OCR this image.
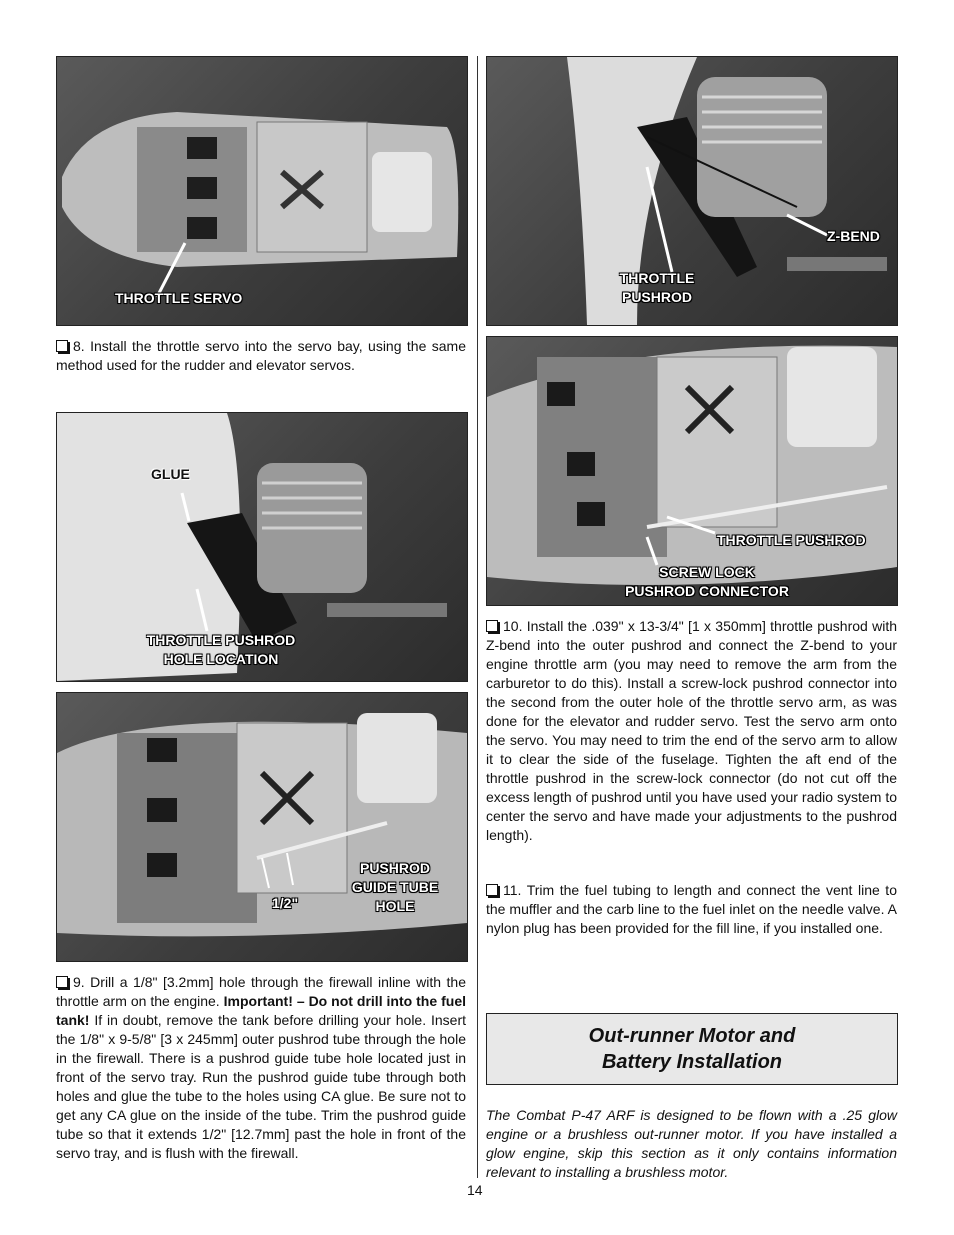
THROTTLE SERVO

8. Install the throttle servo into the servo bay, using the same method used for the rudder and elevator servos.

GLUE
THROTTLE PUSHROD
HOLE LOCATION
PUSHROD
GUIDE TUBE
HOLE
1/2"

9. Drill a 1/8" [3.2mm] hole through the firewall inline with the throttle arm on the engine. Important! – Do not drill into the fuel tank! If in doubt, remove the tank before drilling your hole. Insert the 1/8" x 9-5/8" [3 x 245mm] outer pushrod tube through the hole in the firewall. There is a pushrod guide tube hole located just in front of the servo tray. Run the pushrod guide tube through both holes and glue the tube to the holes using CA glue. Be sure not to get any CA glue on the inside of the tube. Trim the pushrod guide tube so that it extends 1/2" [12.7mm] past the hole in front of the servo tray, and is flush with the firewall.

Z-BEND
THROTTLE
PUSHROD
THROTTLE PUSHROD
SCREW LOCK
PUSHROD CONNECTOR

10. Install the .039" x 13-3/4" [1 x 350mm] throttle pushrod with Z-bend into the outer pushrod and connect the Z-bend to your engine throttle arm (you may need to remove the arm from the carburetor to do this). Install a screw-lock pushrod connector into the second from the outer hole of the throttle servo arm, as was done for the elevator and rudder servo. Test the servo arm onto the servo. You may need to trim the end of the servo arm to allow it to clear the side of the fuselage. Tighten the aft end of the throttle pushrod in the screw-lock connector (do not cut off the excess length of pushrod until you have used your radio system to center the servo and have made your adjustments to the pushrod length).

11. Trim the fuel tubing to length and connect the vent line to the muffler and the carb line to the fuel inlet on the needle valve. A nylon plug has been provided for the fill line, if you installed one.

Out-runner Motor and
Battery Installation

The Combat P-47 ARF is designed to be flown with a .25 glow engine or a brushless out-runner motor. If you have installed a glow engine, skip this section as it only contains information relevant to installing a brushless motor.

14
